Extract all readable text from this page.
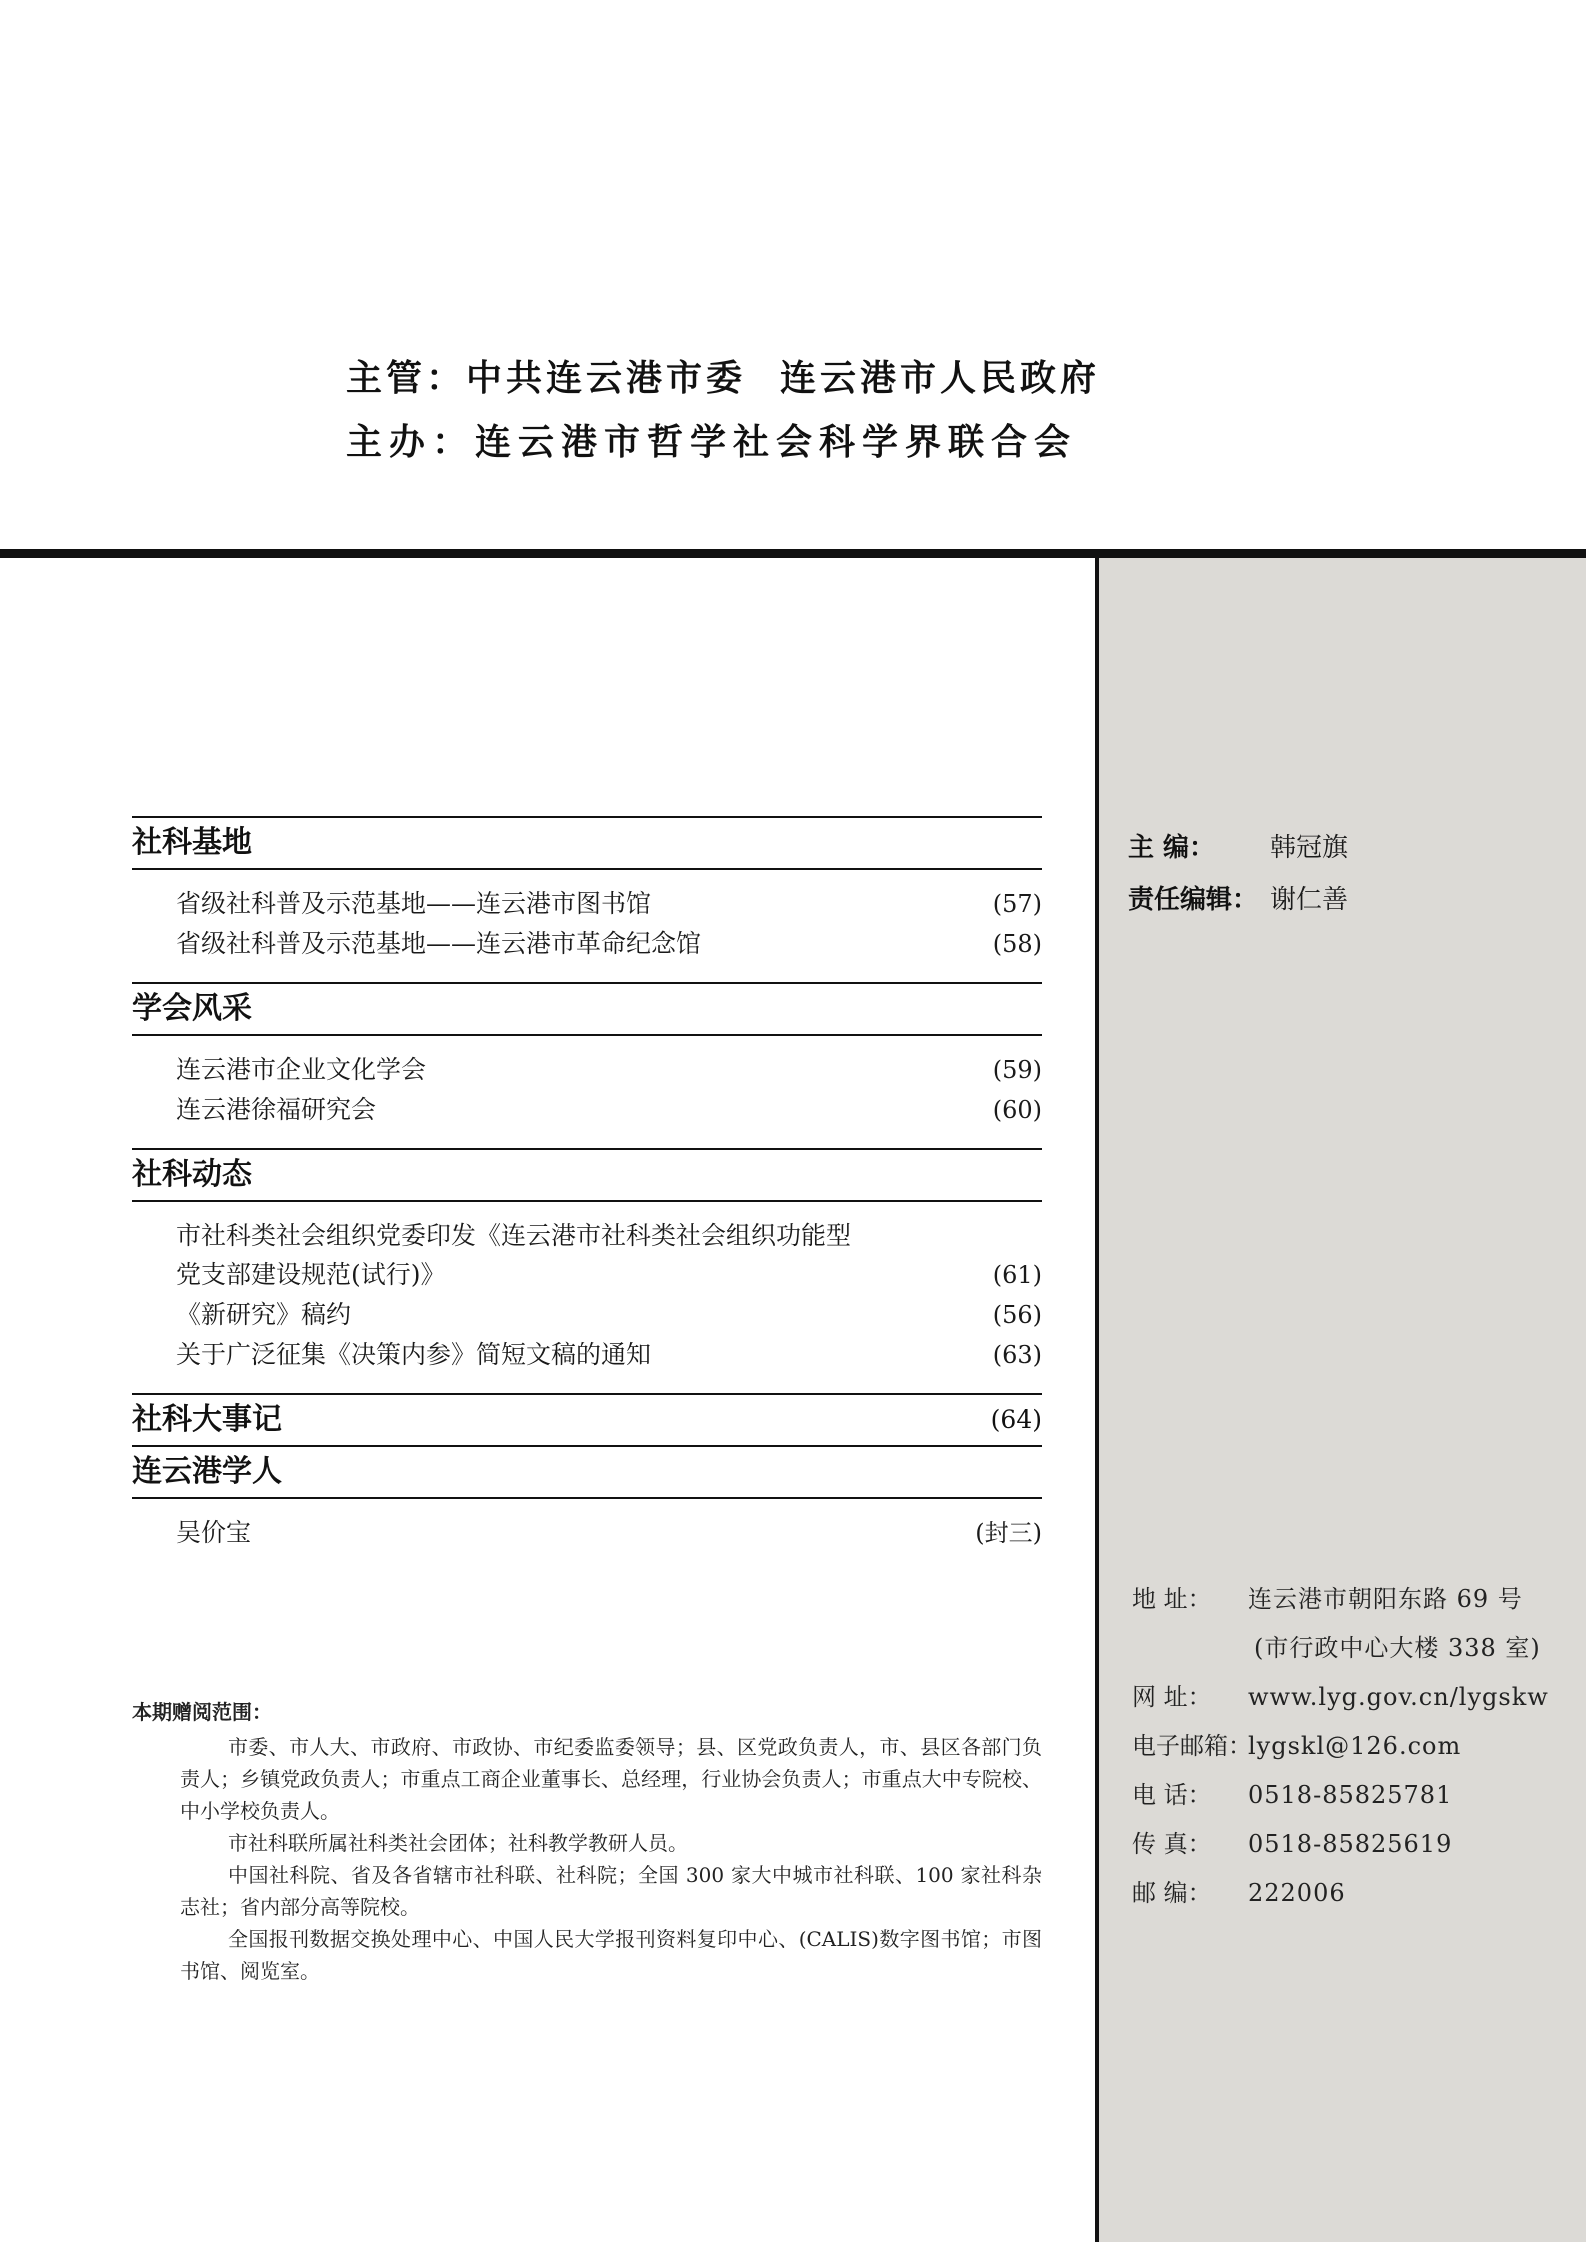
主管：中共连云港市委 连云港市人民政府
主办：连云港市哲学社会科学界联合会
社科基地
省级社科普及示范基地——连云港市图书馆	(57)
省级社科普及示范基地——连云港市革命纪念馆	(58)
学会风采
连云港市企业文化学会	(59)
连云港徐福研究会	(60)
社科动态
市社科类社会组织党委印发《连云港市社科类社会组织功能型
党支部建设规范(试行)》	(61)
《新研究》稿约	(56)
关于广泛征集《决策内参》简短文稿的通知	(63)
社科大事记	(64)
连云港学人
吴价宝	(封三)
主 编：	韩冠旗
责任编辑： 谢仁善
地 址：	连云港市朝阳东路 69 号
(市行政中心大楼 338 室)
网 址：	www.lyg.gov.cn/lygskw
电子邮箱：
lygskl@126.com
电 话：	0518-85825781
传 真：	0518-85825619
邮 编：	222006
本期赠阅范围：

市委、市人大、市政府、市政协、市纪委监委领导；县、区党政负责人，市、县区各部门负责人；乡镇党政负责人；市重点工商企业董事长、总经理，行业协会负责人；市重点大中专院校、中小学校负责人。

市社科联所属社科类社会团体；社科教学教研人员。

中国社科院、省及各省辖市社科联、社科院；全国 300 家大中城市社科联、100 家社科杂志社；省内部分高等院校。

全国报刊数据交换处理中心、中国人民大学报刊资料复印中心、(CALIS)数字图书馆；市图书馆、阅览室。
